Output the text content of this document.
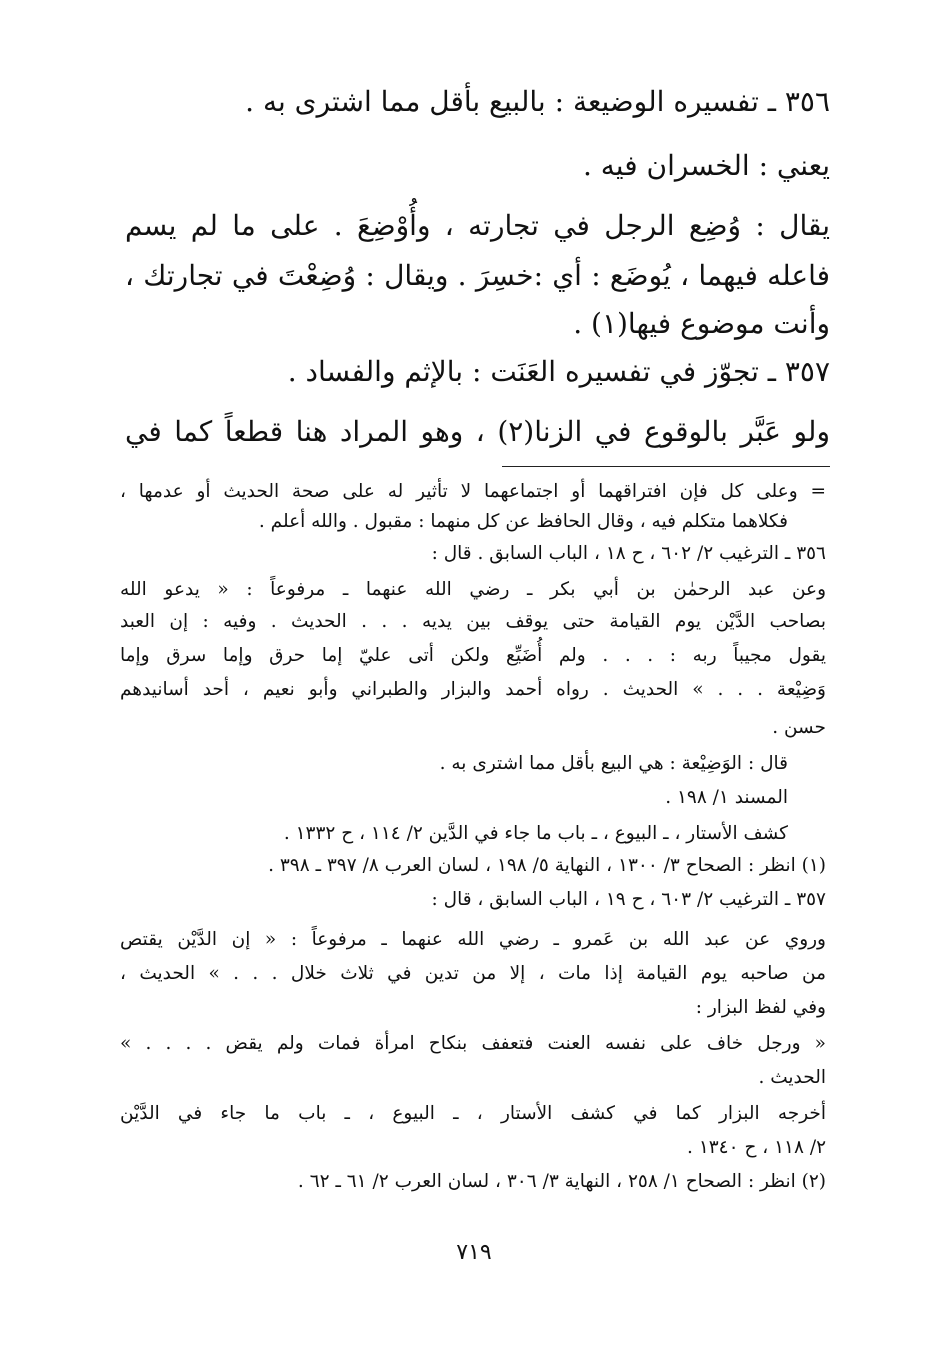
٣٥٦ ـ تفسيره الوضيعة : بالبيع بأقل مما اشترى به .
يعني : الخسران فيه .
يقال : وُضِع الرجل في تجارته ، وأُوْضِعَ . على ما لم يسم
فاعله فيهما ، يُوضَع : أي :خسِرَ . ويقال : وُضِعْتَ في تجارتك ،
وأنت موضوع فيها(١) .
٣٥٧ ـ تجوّز في تفسيره العَنَت : بالإثم والفساد .
ولو عَبَّر بالوقوع في الزنا(٢) ، وهو المراد هنا قطعاً كما في
= وعلى كل فإن افتراقهما أو اجتماعهما لا تأثير له على صحة الحديث أو عدمها ،
فكلاهما متكلم فيه ، وقال الحافظ عن كل منهما : مقبول . والله أعلم .
٣٥٦ ـ الترغيب ٢/ ٦٠٢ ، ح ١٨ ، الباب السابق . قال :
وعن عبد الرحمٰن بن أبي بكر ـ رضي الله عنهما ـ مرفوعاً : « يدعو الله
بصاحب الدَّيْن يوم القيامة حتى يوقف بين يديه . . . الحديث . وفيه : إن العبد
يقول مجيباً ربه : . . . ولم أُضَيِّع ولكن أتى عليّ إما حرق وإما سرق وإما
وَضِيْعة . . . » الحديث . رواه أحمد والبزار والطبراني وأبو نعيم ، أحد أسانيدهم
حسن .
قال : الوَضِيْعة : هي البيع بأقل مما اشترى به .
المسند ١/ ١٩٨ .
كشف الأستار ، ـ البيوع ، ـ باب ما جاء في الدَّين ٢/ ١١٤ ، ح ١٣٣٢ .
(١) انظر : الصحاح ٣/ ١٣٠٠ ، النهاية ٥/ ١٩٨ ، لسان العرب ٨/ ٣٩٧ ـ ٣٩٨ .
٣٥٧ ـ الترغيب ٢/ ٦٠٣ ، ح ١٩ ، الباب السابق ، قال :
وروي عن عبد الله بن عَمرو ـ رضي الله عنهما ـ مرفوعاً : « إن الدَّيْن يقتص
من صاحبه يوم القيامة إذا مات ، إلا من تدين في ثلاث خلال . . . » الحديث ،
وفي لفظ البزار :
« ورجل خاف على نفسه العنت فتعفف بنكاح امرأة فمات ولم يقض . . . . »
الحديث .
أخرجه البزار كما في كشف الأستار ، ـ البيوع ، ـ باب ما جاء في الدَّيْن
٢/ ١١٨ ، ح ١٣٤٠ .
(٢) انظر : الصحاح ١/ ٢٥٨ ، النهاية ٣/ ٣٠٦ ، لسان العرب ٢/ ٦١ ـ ٦٢ .
٧١٩
